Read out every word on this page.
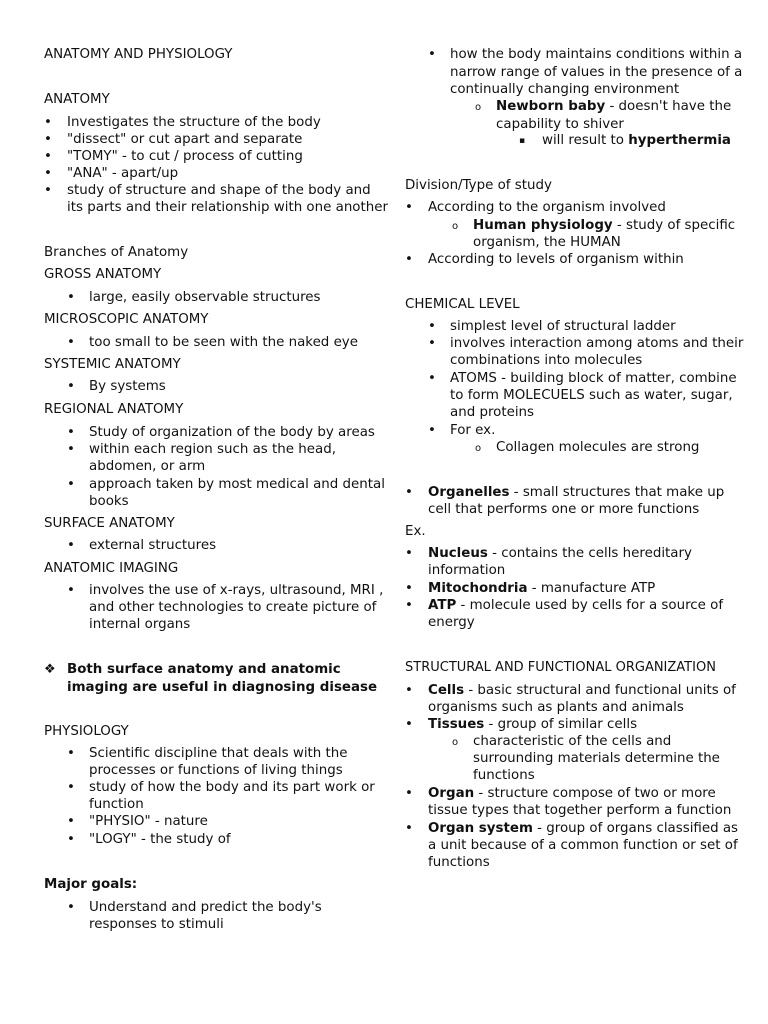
ANATOMY AND PHYSIOLOGY
ANATOMY
• Investigates the structure of the body
• "dissect" or cut apart and separate
• "TOMY" - to cut / process of cutting
• "ANA" - apart/up
• study of structure and shape of the body and
its parts and their relationship with one another
Branches of Anatomy
GROSS ANATOMY
• large, easily observable structures
MICROSCOPIC ANATOMY
• too small to be seen with the naked eye
SYSTEMIC ANATOMY
• By systems
REGIONAL ANATOMY
• Study of organization of the body by areas
• within each region such as the head,
abdomen, or arm
• approach taken by most medical and dental
books
SURFACE ANATOMY
• external structures
ANATOMIC IMAGING
• involves the use of x-rays, ultrasound, MRI ,
and other technologies to create picture of
internal organs
❖ Both surface anatomy and anatomic
imaging are useful in diagnosing disease
PHYSIOLOGY
• Scientific discipline that deals with the
processes or functions of living things
• study of how the body and its part work or
function
• "PHYSIO" - nature
• "LOGY" - the study of
Major goals:
• Understand and predict the body's
responses to stimuli
• how the body maintains conditions within a
narrow range of values in the presence of a
continually changing environment
o Newborn baby - doesn't have the
capability to shiver
▪ will result to hyperthermia
Division/Type of study
• According to the organism involved
o Human physiology - study of specific
organism, the HUMAN
• According to levels of organism within
CHEMICAL LEVEL
• simplest level of structural ladder
• involves interaction among atoms and their
combinations into molecules
• ATOMS - building block of matter, combine
to form MOLECUELS such as water, sugar,
and proteins
• For ex.
o Collagen molecules are strong
• Organelles - small structures that make up
cell that performs one or more functions
Ex.
• Nucleus - contains the cells hereditary
information
• Mitochondria - manufacture ATP
• ATP - molecule used by cells for a source of
energy
STRUCTURAL AND FUNCTIONAL ORGANIZATION
• Cells - basic structural and functional units of
organisms such as plants and animals
• Tissues - group of similar cells
o characteristic of the cells and
surrounding materials determine the
functions
• Organ - structure compose of two or more
tissue types that together perform a function
• Organ system - group of organs classified as
a unit because of a common function or set of
functions
